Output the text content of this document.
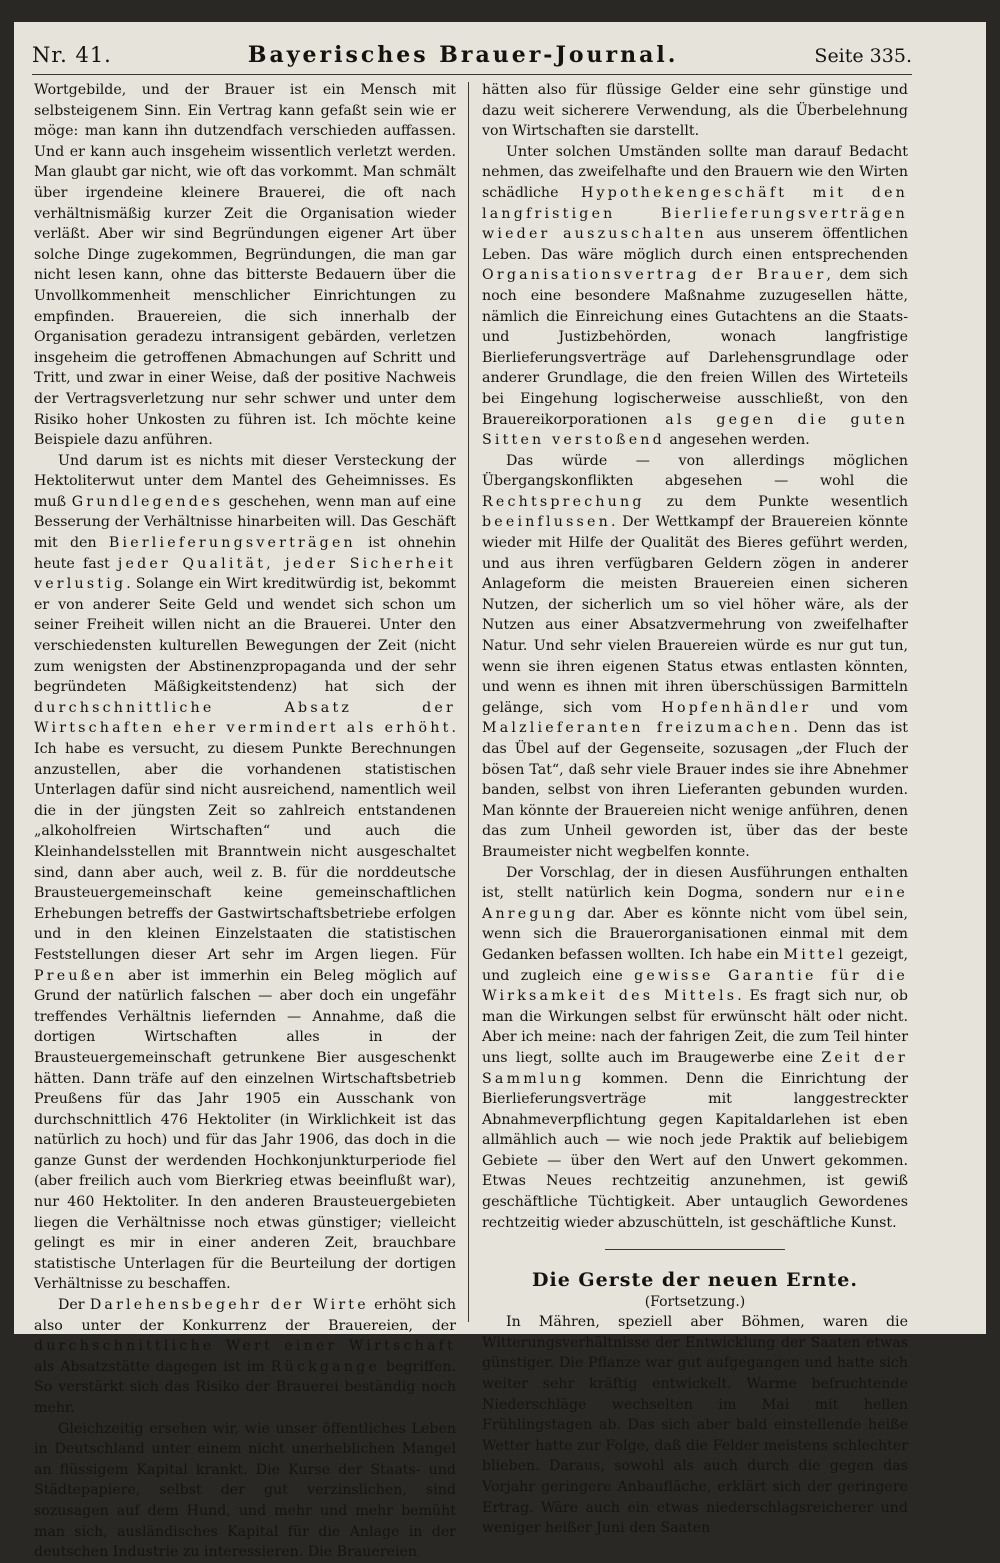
Nr. 41.	Bayerisches Brauer-Journal.	Seite 335.

Wortgebilde, und der Brauer ist ein Mensch mit selbsteigenem Sinn. Ein Vertrag kann gefaßt sein wie er möge: man kann ihn dutzendfach verschieden auffassen. Und er kann auch insgeheim wissentlich verletzt werden. Man glaubt gar nicht, wie oft das vorkommt. Man schmält über irgendeine kleinere Brauerei, die oft nach verhältnismäßig kurzer Zeit die Organisation wieder verläßt. Aber wir sind Begründungen eigener Art über solche Dinge zugekommen, Begründungen, die man gar nicht lesen kann, ohne das bitterste Bedauern über die Unvollkommenheit menschlicher Einrichtungen zu empfinden. Brauereien, die sich innerhalb der Organisation geradezu intransigent gebärden, verletzen insgeheim die getroffenen Abmachungen auf Schritt und Tritt, und zwar in einer Weise, daß der positive Nachweis der Vertragsverletzung nur sehr schwer und unter dem Risiko hoher Unkosten zu führen ist. Ich möchte keine Beispiele dazu anführen.

Und darum ist es nichts mit dieser Versteckung der Hektoliterwut unter dem Mantel des Geheimnisses. Es muß Grundlegendes geschehen, wenn man auf eine Besserung der Verhältnisse hinarbeiten will. Das Geschäft mit den Bierlieferungsverträgen ist ohnehin heute fast jeder Qualität, jeder Sicherheit verlustig. Solange ein Wirt kreditwürdig ist, bekommt er von anderer Seite Geld und wendet sich schon um seiner Freiheit willen nicht an die Brauerei. Unter den verschiedensten kulturellen Bewegungen der Zeit (nicht zum wenigsten der Abstinenzpropaganda und der sehr begründeten Mäßigkeitstendenz) hat sich der durchschnittliche Absatz der Wirtschaften eher vermindert als erhöht. Ich habe es versucht, zu diesem Punkte Berechnungen anzustellen, aber die vorhandenen statistischen Unterlagen dafür sind nicht ausreichend, namentlich weil die in der jüngsten Zeit so zahlreich entstandenen „alkoholfreien Wirtschaften“ und auch die Kleinhandelsstellen mit Branntwein nicht ausgeschaltet sind, dann aber auch, weil z. B. für die norddeutsche Brausteuergemeinschaft keine gemeinschaftlichen Erhebungen betreffs der Gastwirtschaftsbetriebe erfolgen und in den kleinen Einzelstaaten die statistischen Feststellungen dieser Art sehr im Argen liegen. Für Preußen aber ist immerhin ein Beleg möglich auf Grund der natürlich falschen — aber doch ein ungefähr treffendes Verhältnis liefernden — Annahme, daß die dortigen Wirtschaften alles in der Brausteuergemeinschaft getrunkene Bier ausgeschenkt hätten. Dann träfe auf den einzelnen Wirtschaftsbetrieb Preußens für das Jahr 1905 ein Ausschank von durchschnittlich 476 Hektoliter (in Wirklichkeit ist das natürlich zu hoch) und für das Jahr 1906, das doch in die ganze Gunst der werdenden Hochkonjunkturperiode fiel (aber freilich auch vom Bierkrieg etwas beeinflußt war), nur 460 Hektoliter. In den anderen Brausteuergebieten liegen die Verhältnisse noch etwas günstiger; vielleicht gelingt es mir in einer anderen Zeit, brauchbare statistische Unterlagen für die Beurteilung der dortigen Verhältnisse zu beschaffen.

Der Darlehensbegehr der Wirte erhöht sich also unter der Konkurrenz der Brauereien, der durchschnittliche Wert einer Wirtschaft als Absatzstätte dagegen ist im Rückgange begriffen. So verstärkt sich das Risiko der Brauerei beständig noch mehr.

Gleichzeitig ersehen wir, wie unser öffentliches Leben in Deutschland unter einem nicht unerheblichen Mangel an flüssigem Kapital krankt. Die Kurse der Staats- und Städtepapiere, selbst der gut verzinslichen, sind sozusagen auf dem Hund, und mehr und mehr bemüht man sich, ausländisches Kapital für die Anlage in der deutschen Industrie zu interessieren. Die Brauereien

hätten also für flüssige Gelder eine sehr günstige und dazu weit sicherere Verwendung, als die Überbelehnung von Wirtschaften sie darstellt.

Unter solchen Umständen sollte man darauf Bedacht nehmen, das zweifelhafte und den Brauern wie den Wirten schädliche Hypothekengeschäft mit den langfristigen Bierlieferungsverträgen wieder auszuschalten aus unserem öffentlichen Leben. Das wäre möglich durch einen entsprechenden Organisationsvertrag der Brauer, dem sich noch eine besondere Maßnahme zuzugesellen hätte, nämlich die Einreichung eines Gutachtens an die Staats- und Justizbehörden, wonach langfristige Bierlieferungsverträge auf Darlehensgrundlage oder anderer Grundlage, die den freien Willen des Wirteteils bei Eingehung logischerweise ausschließt, von den Brauereikorporationen als gegen die guten Sitten verstoßend angesehen werden.

Das würde — von allerdings möglichen Übergangskonflikten abgesehen — wohl die Rechtsprechung zu dem Punkte wesentlich beeinflussen. Der Wettkampf der Brauereien könnte wieder mit Hilfe der Qualität des Bieres geführt werden, und aus ihren verfügbaren Geldern zögen in anderer Anlageform die meisten Brauereien einen sicheren Nutzen, der sicherlich um so viel höher wäre, als der Nutzen aus einer Absatzvermehrung von zweifelhafter Natur. Und sehr vielen Brauereien würde es nur gut tun, wenn sie ihren eigenen Status etwas entlasten könnten, und wenn es ihnen mit ihren überschüssigen Barmitteln gelänge, sich vom Hopfenhändler und vom Malzlieferanten freizumachen. Denn das ist das Übel auf der Gegenseite, sozusagen „der Fluch der bösen Tat“, daß sehr viele Brauer indes sie ihre Abnehmer banden, selbst von ihren Lieferanten gebunden wurden. Man könnte der Brauereien nicht wenige anführen, denen das zum Unheil geworden ist, über das der beste Braumeister nicht wegbelfen konnte.

Der Vorschlag, der in diesen Ausführungen enthalten ist, stellt natürlich kein Dogma, sondern nur eine Anregung dar. Aber es könnte nicht vom übel sein, wenn sich die Brauerorganisationen einmal mit dem Gedanken befassen wollten. Ich habe ein Mittel gezeigt, und zugleich eine gewisse Garantie für die Wirksamkeit des Mittels. Es fragt sich nur, ob man die Wirkungen selbst für erwünscht hält oder nicht. Aber ich meine: nach der fahrigen Zeit, die zum Teil hinter uns liegt, sollte auch im Braugewerbe eine Zeit der Sammlung kommen. Denn die Einrichtung der Bierlieferungsverträge mit langgestreckter Abnahmeverpflichtung gegen Kapitaldarlehen ist eben allmählich auch — wie noch jede Praktik auf beliebigem Gebiete — über den Wert auf den Unwert gekommen. Etwas Neues rechtzeitig anzunehmen, ist gewiß geschäftliche Tüchtigkeit. Aber untauglich Gewordenes rechtzeitig wieder abzuschütteln, ist geschäftliche Kunst.

Die Gerste der neuen Ernte.

(Fortsetzung.)

In Mähren, speziell aber Böhmen, waren die Witterungsverhältnisse der Entwicklung der Saaten etwas günstiger. Die Pflanze war gut aufgegangen und hatte sich weiter sehr kräftig entwickelt. Warme befruchtende Niederschläge wechselten im Mai mit hellen Frühlingstagen ab. Das sich aber bald einstellende heiße Wetter hatte zur Folge, daß die Felder meistens schlechter blieben. Daraus, sowohl als auch durch die gegen das Vorjahr geringere Anbaufläche, erklärt sich der geringere Ertrag. Wäre auch ein etwas niederschlagsreicherer und weniger heißer Juni den Saaten
